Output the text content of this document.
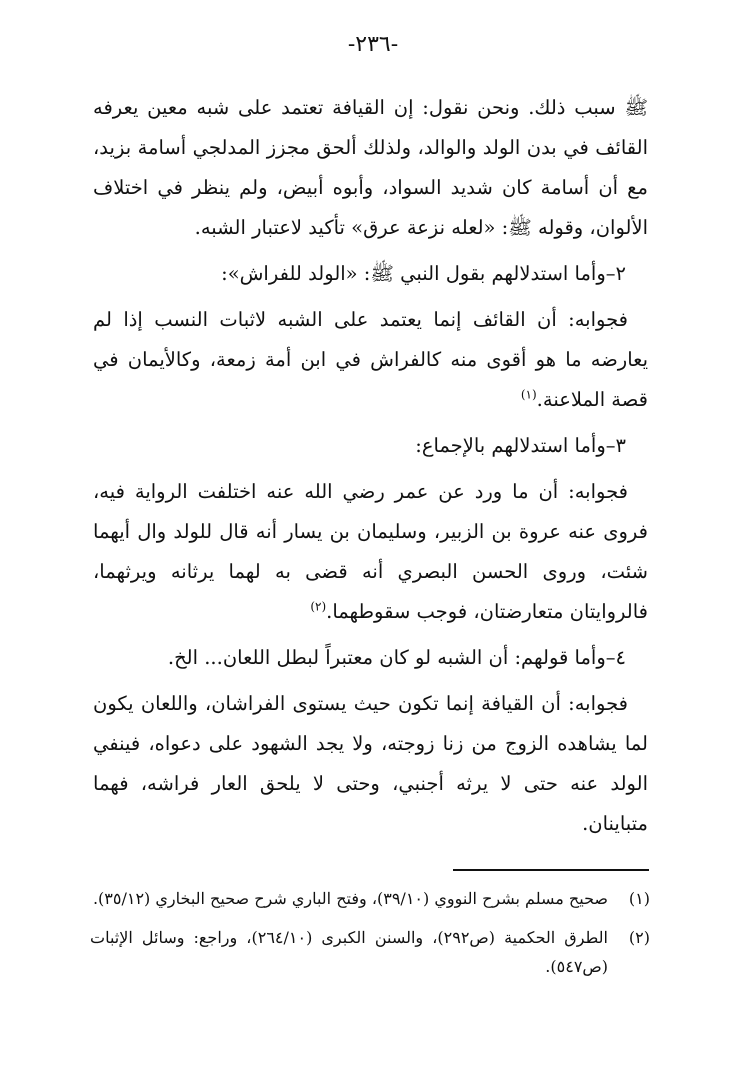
-٢٣٦-

ﷺ سبب ذلك. ونحن نقول: إن القيافة تعتمد على شبه معين يعرفه القائف في بدن الولد والوالد، ولذلك ألحق مجزز المدلجي أسامة بزيد، مع أن أسامة كان شديد السواد، وأبوه أبيض، ولم ينظر في اختلاف الألوان، وقوله ﷺ: «لعله نزعة عرق» تأكيد لاعتبار الشبه.

٢–وأما استدلالهم بقول النبي ﷺ: «الولد للفراش»:

فجوابه: أن القائف إنما يعتمد على الشبه لاثبات النسب إذا لم يعارضه ما هو أقوى منه كالفراش في ابن أمة زمعة، وكالأيمان في قصة الملاعنة.$^{(١)}$

٣–وأما استدلالهم بالإجماع:

فجوابه: أن ما ورد عن عمر رضي الله عنه اختلفت الرواية فيه، فروى عنه عروة بن الزبير، وسليمان بن يسار أنه قال للولد وال أيهما شئت، وروى الحسن البصري أنه قضى به لهما يرثانه ويرثهما، فالروايتان متعارضتان، فوجب سقوطهما.$^{(٢)}$

٤–وأما قولهم: أن الشبه لو كان معتبراً لبطل اللعان... الخ.

فجوابه: أن القيافة إنما تكون حيث يستوى الفراشان، واللعان يكون لما يشاهده الزوج من زنا زوجته، ولا يجد الشهود على دعواه، فينفي الولد عنه حتى لا يرثه أجنبي، وحتى لا يلحق العار فراشه، فهما متباينان.

(١)
صحيح مسلم بشرح النووي (٣٩/١٠)، وفتح الباري شرح صحيح البخاري (٣٥/١٢).
(٢)
الطرق الحكمية (ص٢٩٢)، والسنن الكبرى (٢٦٤/١٠)، وراجع: وسائل الإثبات (ص٥٤٧).
